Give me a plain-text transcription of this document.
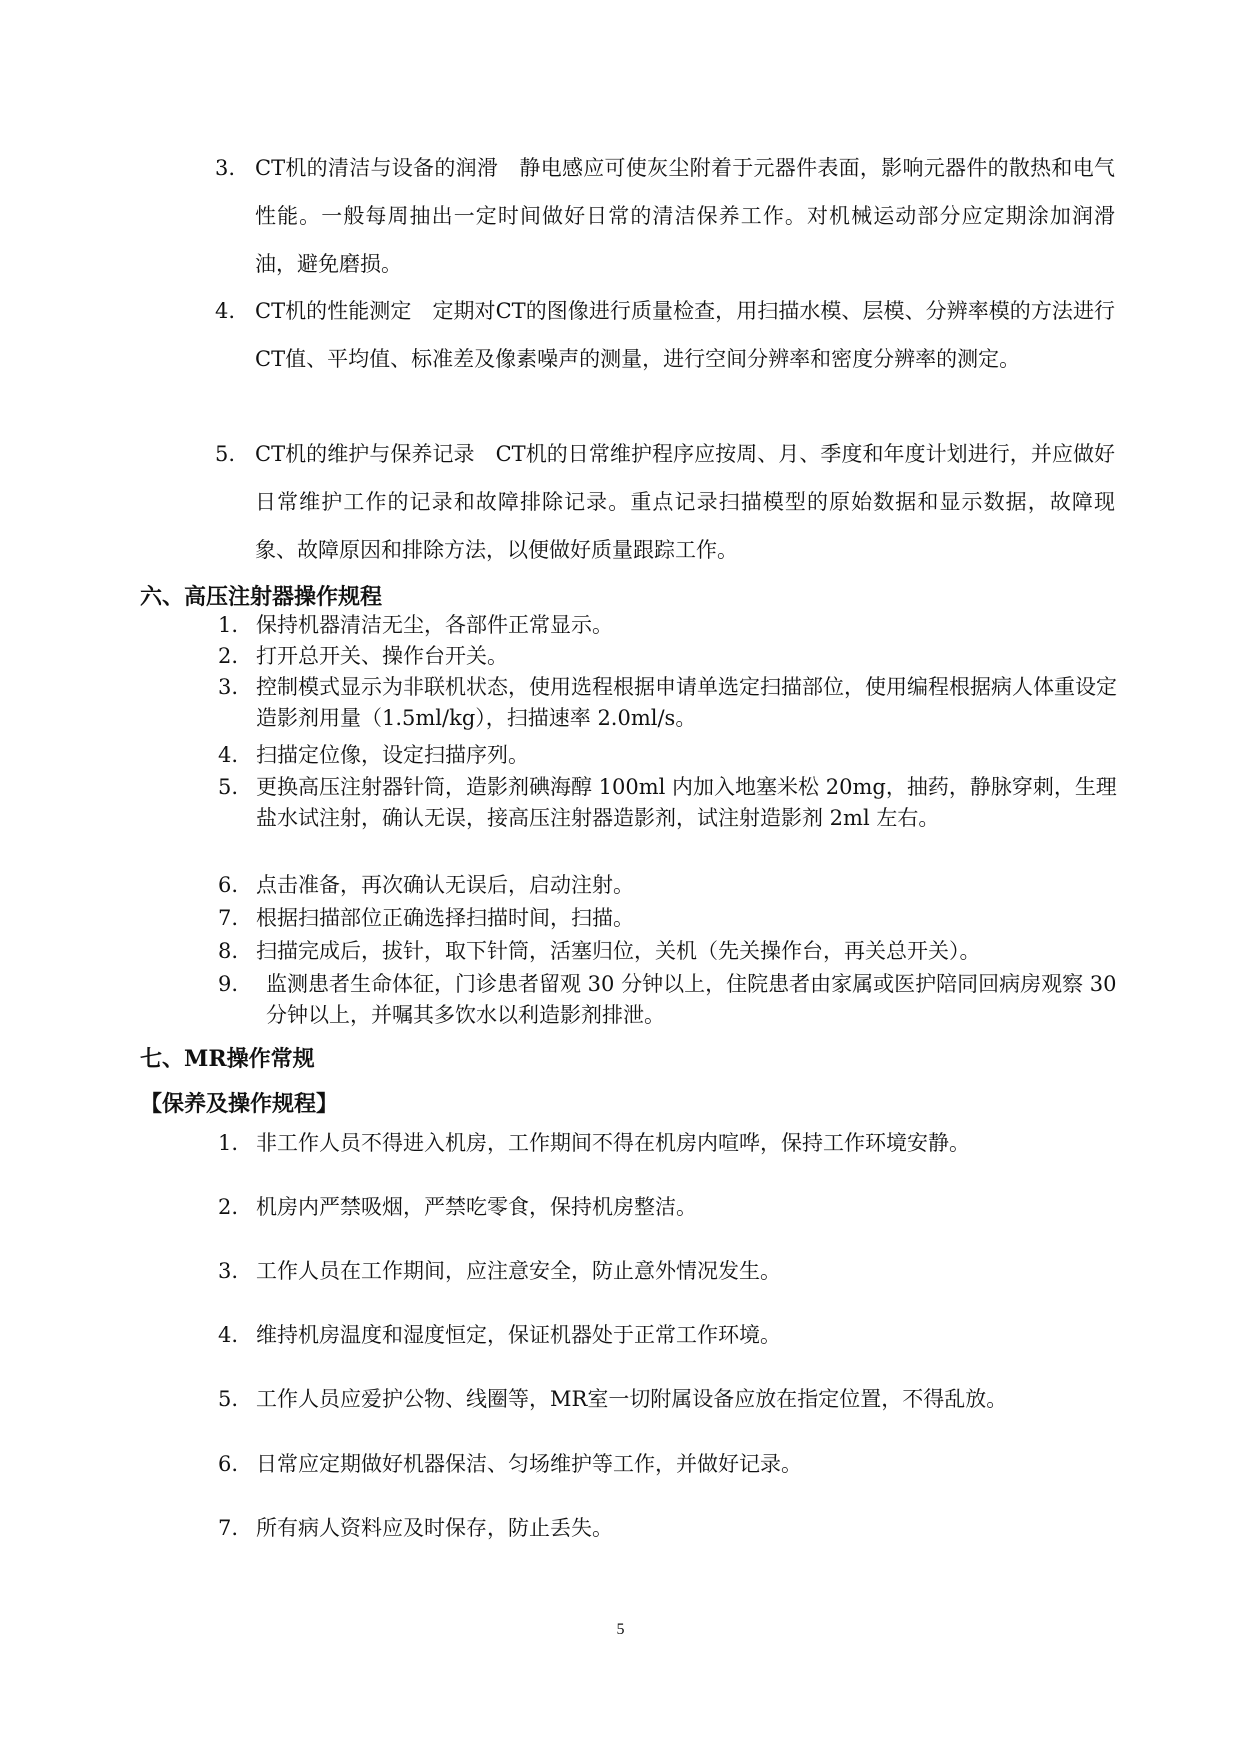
3. CT机的清洁与设备的润滑　静电感应可使灰尘附着于元器件表面，影响元器件的散热和电气性能。一般每周抽出一定时间做好日常的清洁保养工作。对机械运动部分应定期涂加润滑油，避免磨损。
4. CT机的性能测定　定期对CT的图像进行质量检查，用扫描水模、层模、分辨率模的方法进行CT值、平均值、标准差及像素噪声的测量，进行空间分辨率和密度分辨率的测定。
5. CT机的维护与保养记录　CT机的日常维护程序应按周、月、季度和年度计划进行，并应做好日常维护工作的记录和故障排除记录。重点记录扫描模型的原始数据和显示数据，故障现象、故障原因和排除方法，以便做好质量跟踪工作。
六、高压注射器操作规程
1. 保持机器清洁无尘，各部件正常显示。
2. 打开总开关、操作台开关。
3. 控制模式显示为非联机状态，使用选程根据申请单选定扫描部位，使用编程根据病人体重设定造影剂用量（1.5ml/kg），扫描速率 2.0ml/s。
4. 扫描定位像，设定扫描序列。
5. 更换高压注射器针筒，造影剂碘海醇 100ml 内加入地塞米松 20mg，抽药，静脉穿刺，生理盐水试注射，确认无误，接高压注射器造影剂，试注射造影剂 2ml 左右。
6. 点击准备，再次确认无误后，启动注射。
7. 根据扫描部位正确选择扫描时间，扫描。
8. 扫描完成后，拔针，取下针筒，活塞归位，关机（先关操作台，再关总开关）。
9. 监测患者生命体征，门诊患者留观 30 分钟以上，住院患者由家属或医护陪同回病房观察 30 分钟以上，并嘱其多饮水以利造影剂排泄。
七、MR操作常规
【保养及操作规程】
1. 非工作人员不得进入机房，工作期间不得在机房内喧哗，保持工作环境安静。
2. 机房内严禁吸烟，严禁吃零食，保持机房整洁。
3. 工作人员在工作期间，应注意安全，防止意外情况发生。
4. 维持机房温度和湿度恒定，保证机器处于正常工作环境。
5. 工作人员应爱护公物、线圈等，MR室一切附属设备应放在指定位置，不得乱放。
6. 日常应定期做好机器保洁、匀场维护等工作，并做好记录。
7. 所有病人资料应及时保存，防止丢失。
5
